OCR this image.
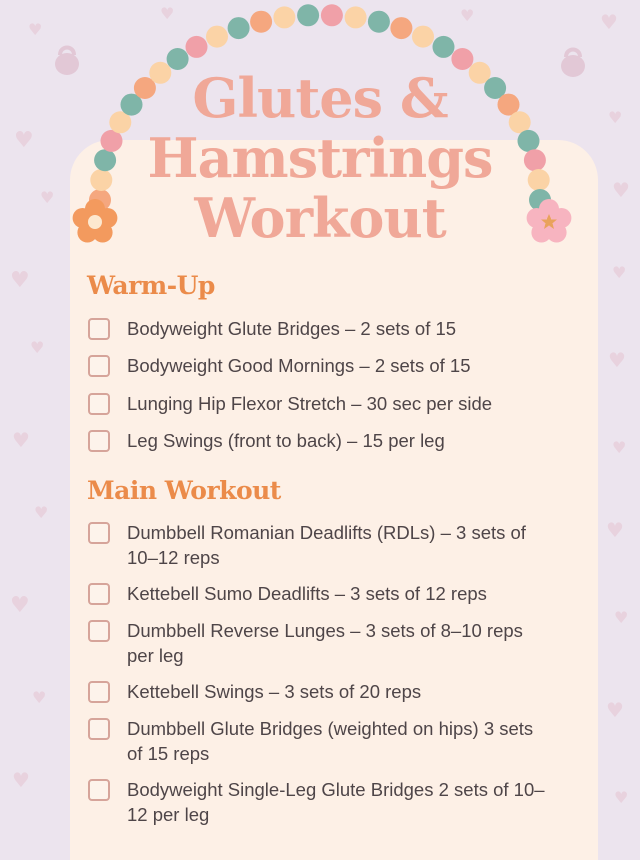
♥
♥	♥	♥
♥
♥
♥	♥
♥	♥
♥
♥
♥	♥
♥
♥
♥	♥
♥
♥
♥
♥
Glutes &
Hamstrings
Workout
Warm-Up
Bodyweight Glute Bridges – 2 sets of 15
Bodyweight Good Mornings – 2 sets of 15
Lunging Hip Flexor Stretch – 30 sec per side
Leg Swings (front to back) – 15 per leg
Main Workout
Dumbbell Romanian Deadlifts (RDLs) – 3 sets of 10–12 reps
Kettebell Sumo Deadlifts – 3 sets of 12 reps
Dumbbell Reverse Lunges – 3 sets of 8–10 reps per leg
Kettebell Swings – 3 sets of 20 reps
Dumbbell Glute Bridges (weighted on hips) 3 sets of 15 reps
Bodyweight Single-Leg Glute Bridges 2 sets of 10–12 per leg
